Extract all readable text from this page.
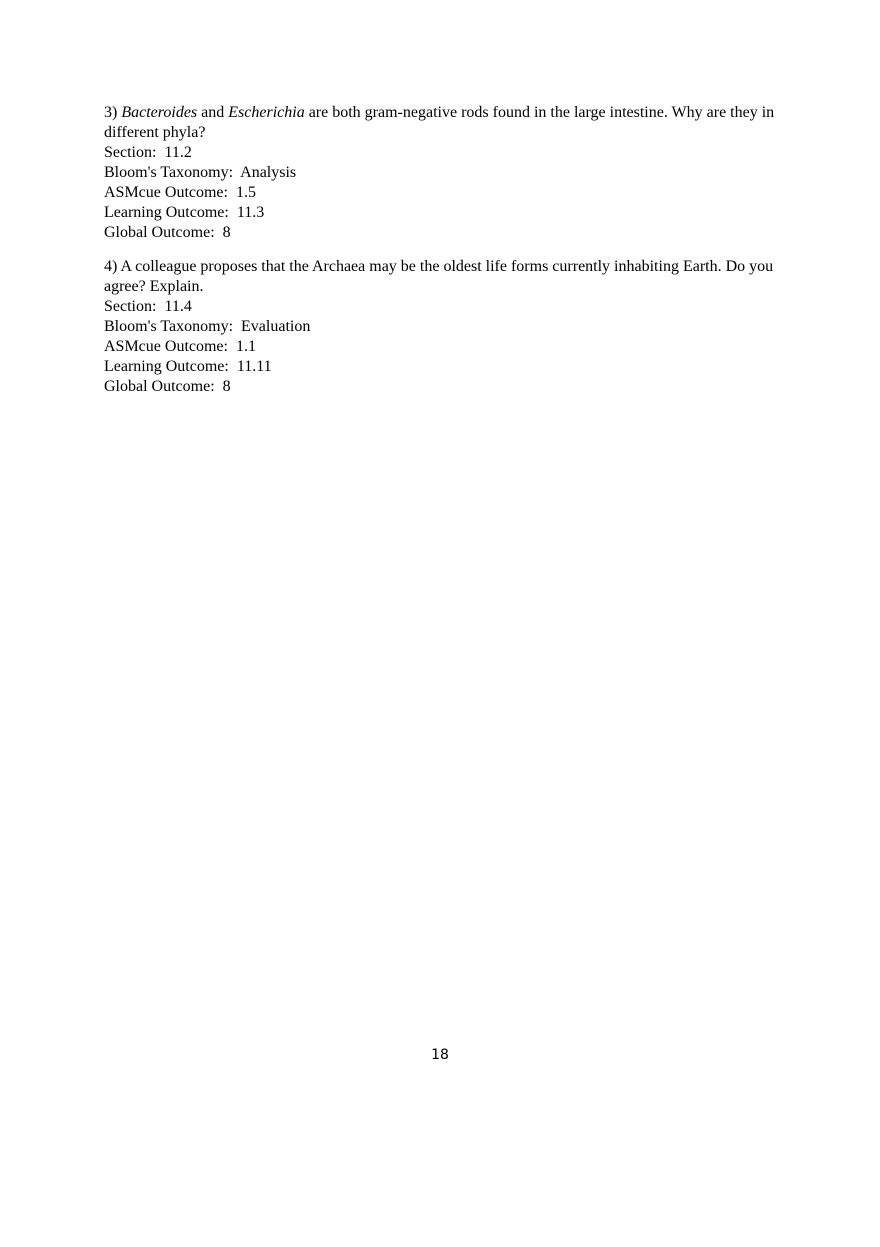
3) Bacteroides and Escherichia are both gram-negative rods found in the large intestine. Why are they in different phyla?

Section:  11.2
Bloom's Taxonomy:  Analysis
ASMcue Outcome:  1.5
Learning Outcome:  11.3
Global Outcome:  8

4) A colleague proposes that the Archaea may be the oldest life forms currently inhabiting Earth. Do you agree? Explain.

Section:  11.4
Bloom's Taxonomy:  Evaluation
ASMcue Outcome:  1.1
Learning Outcome:  11.11
Global Outcome:  8
18
